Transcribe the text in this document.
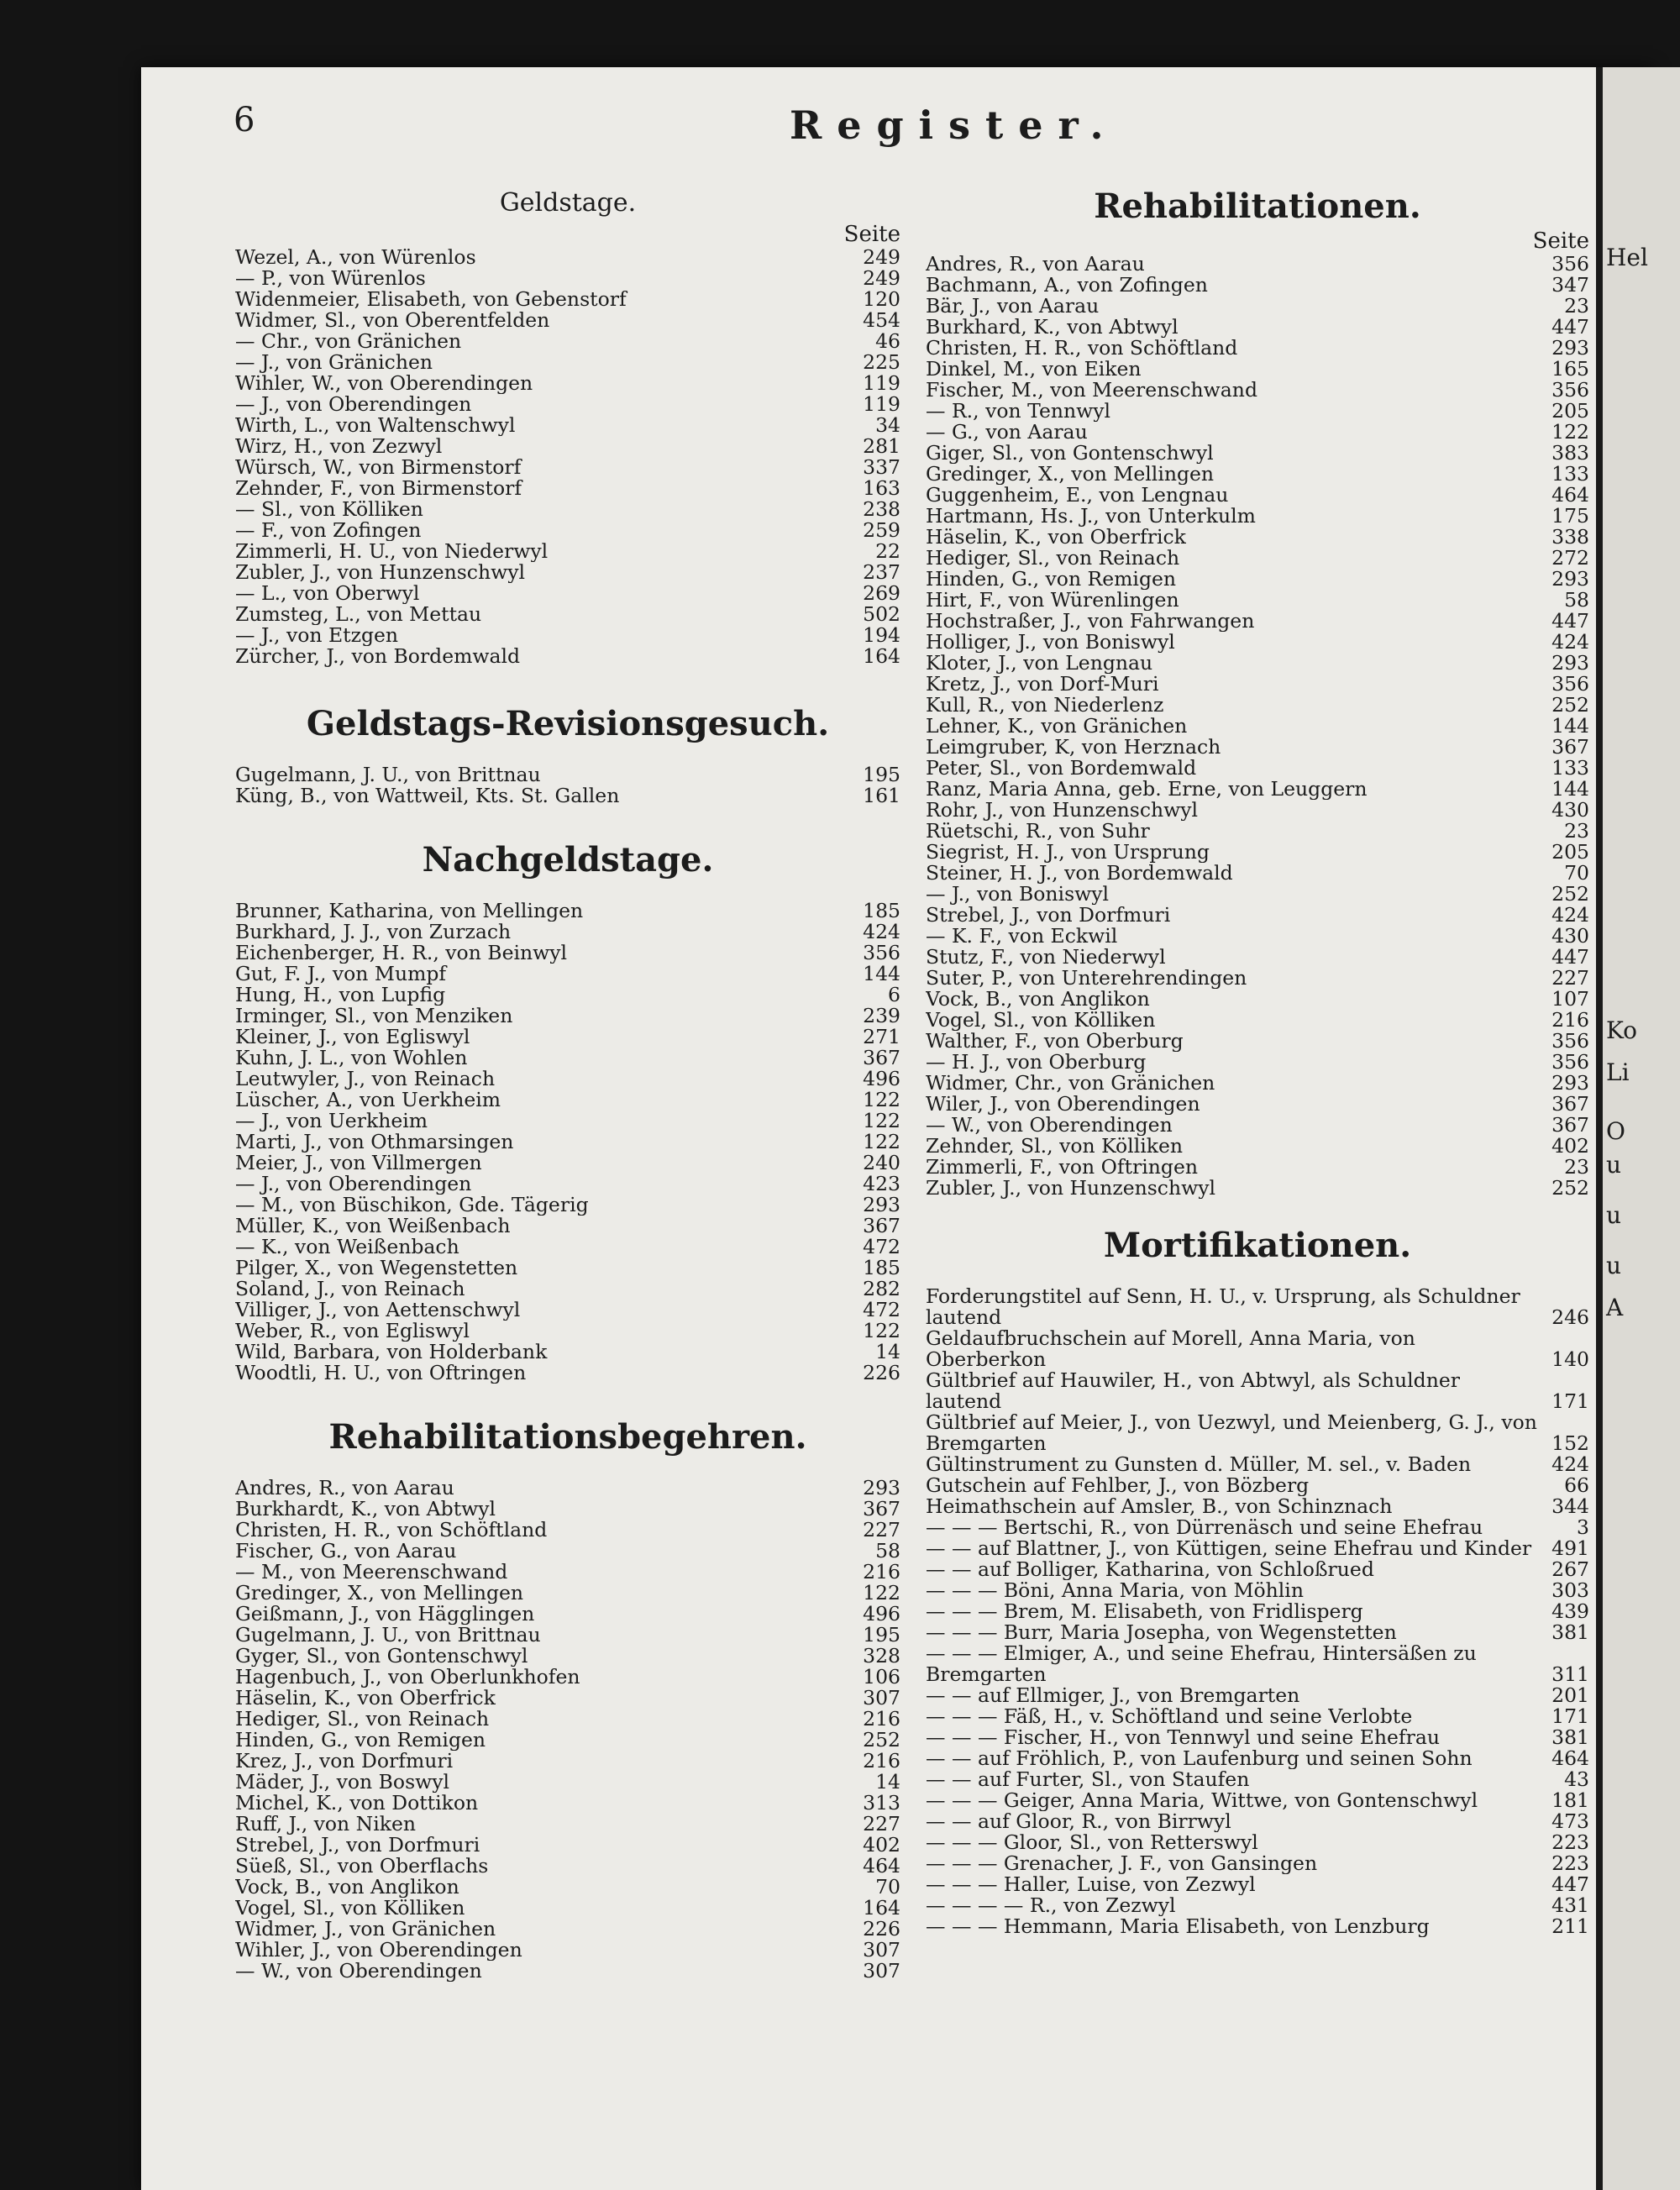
Hel
Ko
Li
O
u
u
u
A
6	Register.
Geldstage.
Seite
Wezel, A., von Würenlos	249
— P., von Würenlos	249
Widenmeier, Elisabeth, von Gebenstorf	120
Widmer, Sl., von Oberentfelden	454
— Chr., von Gränichen	46
— J., von Gränichen	225
Wihler, W., von Oberendingen	119
— J., von Oberendingen	119
Wirth, L., von Waltenschwyl	34
Wirz, H., von Zezwyl	281
Würsch, W., von Birmenstorf	337
Zehnder, F., von Birmenstorf	163
— Sl., von Kölliken	238
— F., von Zofingen	259
Zimmerli, H. U., von Niederwyl	22
Zubler, J., von Hunzenschwyl	237
— L., von Oberwyl	269
Zumsteg, L., von Mettau	502
— J., von Etzgen	194
Zürcher, J., von Bordemwald	164
Geldstags-Revisionsgesuch.
Gugelmann, J. U., von Brittnau	195
Küng, B., von Wattweil, Kts. St. Gallen	161
Nachgeldstage.
Brunner, Katharina, von Mellingen	185
Burkhard, J. J., von Zurzach	424
Eichenberger, H. R., von Beinwyl	356
Gut, F. J., von Mumpf	144
Hung, H., von Lupfig	6
Irminger, Sl., von Menziken	239
Kleiner, J., von Egliswyl	271
Kuhn, J. L., von Wohlen	367
Leutwyler, J., von Reinach	496
Lüscher, A., von Uerkheim	122
— J., von Uerkheim	122
Marti, J., von Othmarsingen	122
Meier, J., von Villmergen	240
— J., von Oberendingen	423
— M., von Büschikon, Gde. Tägerig	293
Müller, K., von Weißenbach	367
— K., von Weißenbach	472
Pilger, X., von Wegenstetten	185
Soland, J., von Reinach	282
Villiger, J., von Aettenschwyl	472
Weber, R., von Egliswyl	122
Wild, Barbara, von Holderbank	14
Woodtli, H. U., von Oftringen	226
Rehabilitationsbegehren.
Andres, R., von Aarau	293
Burkhardt, K., von Abtwyl	367
Christen, H. R., von Schöftland	227
Fischer, G., von Aarau	58
— M., von Meerenschwand	216
Gredinger, X., von Mellingen	122
Geißmann, J., von Hägglingen	496
Gugelmann, J. U., von Brittnau	195
Gyger, Sl., von Gontenschwyl	328
Hagenbuch, J., von Oberlunkhofen	106
Häselin, K., von Oberfrick	307
Hediger, Sl., von Reinach	216
Hinden, G., von Remigen	252
Krez, J., von Dorfmuri	216
Mäder, J., von Boswyl	14
Michel, K., von Dottikon	313
Ruff, J., von Niken	227
Strebel, J., von Dorfmuri	402
Süeß, Sl., von Oberflachs	464
Vock, B., von Anglikon	70
Vogel, Sl., von Kölliken	164
Widmer, J., von Gränichen	226
Wihler, J., von Oberendingen	307
— W., von Oberendingen	307
Rehabilitationen.
Seite
Andres, R., von Aarau	356
Bachmann, A., von Zofingen	347
Bär, J., von Aarau	23
Burkhard, K., von Abtwyl	447
Christen, H. R., von Schöftland	293
Dinkel, M., von Eiken	165
Fischer, M., von Meerenschwand	356
— R., von Tennwyl	205
— G., von Aarau	122
Giger, Sl., von Gontenschwyl	383
Gredinger, X., von Mellingen	133
Guggenheim, E., von Lengnau	464
Hartmann, Hs. J., von Unterkulm	175
Häselin, K., von Oberfrick	338
Hediger, Sl., von Reinach	272
Hinden, G., von Remigen	293
Hirt, F., von Würenlingen	58
Hochstraßer, J., von Fahrwangen	447
Holliger, J., von Boniswyl	424
Kloter, J., von Lengnau	293
Kretz, J., von Dorf-Muri	356
Kull, R., von Niederlenz	252
Lehner, K., von Gränichen	144
Leimgruber, K, von Herznach	367
Peter, Sl., von Bordemwald	133
Ranz, Maria Anna, geb. Erne, von Leuggern	144
Rohr, J., von Hunzenschwyl	430
Rüetschi, R., von Suhr	23
Siegrist, H. J., von Ursprung	205
Steiner, H. J., von Bordemwald	70
— J., von Boniswyl	252
Strebel, J., von Dorfmuri	424
— K. F., von Eckwil	430
Stutz, F., von Niederwyl	447
Suter, P., von Unterehrendingen	227
Vock, B., von Anglikon	107
Vogel, Sl., von Kölliken	216
Walther, F., von Oberburg	356
— H. J., von Oberburg	356
Widmer, Chr., von Gränichen	293
Wiler, J., von Oberendingen	367
— W., von Oberendingen	367
Zehnder, Sl., von Kölliken	402
Zimmerli, F., von Oftringen	23
Zubler, J., von Hunzenschwyl	252
Mortifikationen.
Forderungstitel auf Senn, H. U., v. Ursprung, als Schuldner lautend	246
Geldaufbruchschein auf Morell, Anna Maria, von Oberberkon	140
Gültbrief auf Hauwiler, H., von Abtwyl, als Schuldner lautend	171
Gültbrief auf Meier, J., von Uezwyl, und Meienberg, G. J., von Bremgarten	152
Gültinstrument zu Gunsten d. Müller, M. sel., v. Baden	424
Gutschein auf Fehlber, J., von Bözberg	66
Heimathschein auf Amsler, B., von Schinznach	344
— — — Bertschi, R., von Dürrenäsch und seine Ehefrau	3
— — auf Blattner, J., von Küttigen, seine Ehefrau und Kinder	491
— — auf Bolliger, Katharina, von Schloßrued	267
— — — Böni, Anna Maria, von Möhlin	303
— — — Brem, M. Elisabeth, von Fridlisperg	439
— — — Burr, Maria Josepha, von Wegenstetten	381
— — — Elmiger, A., und seine Ehefrau, Hintersäßen zu Bremgarten	311
— — auf Ellmiger, J., von Bremgarten	201
— — — Fäß, H., v. Schöftland und seine Verlobte	171
— — — Fischer, H., von Tennwyl und seine Ehefrau	381
— — auf Fröhlich, P., von Laufenburg und seinen Sohn	464
— — auf Furter, Sl., von Staufen	43
— — — Geiger, Anna Maria, Wittwe, von Gontenschwyl	181
— — auf Gloor, R., von Birrwyl	473
— — — Gloor, Sl., von Retterswyl	223
— — — Grenacher, J. F., von Gansingen	223
— — — Haller, Luise, von Zezwyl	447
— — — — R., von Zezwyl	431
— — — Hemmann, Maria Elisabeth, von Lenzburg	211
